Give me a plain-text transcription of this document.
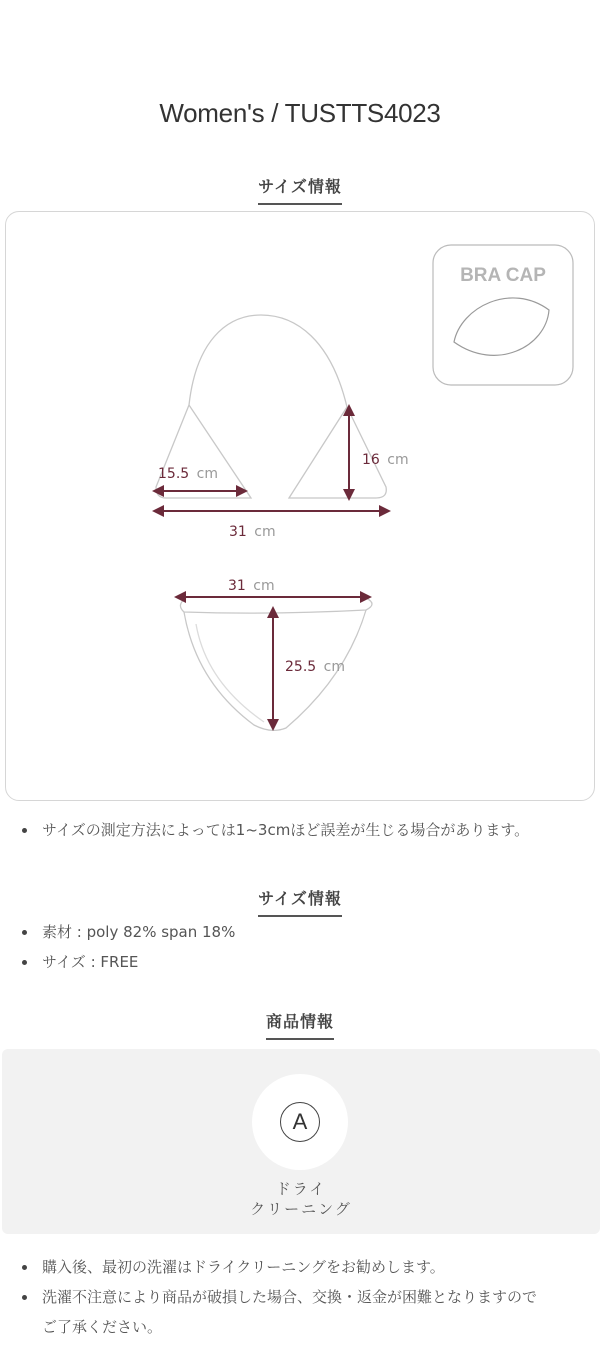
Women's / TUSTTS4023
サイズ情報
BRA CAP
15.5 cm
16 cm
31 cm
31 cm
25.5 cm
サイズの測定方法によっては1~3cmほど誤差が生じる場合があります。
サイズ情報
素材 : poly 82% span 18%
サイズ : FREE
商品情報
A
ドライ
クリーニング
購入後、最初の洗濯はドライクリーニングをお勧めします。
洗濯不注意により商品が破損した場合、交換・返金が困難となりますので
ご了承ください。
